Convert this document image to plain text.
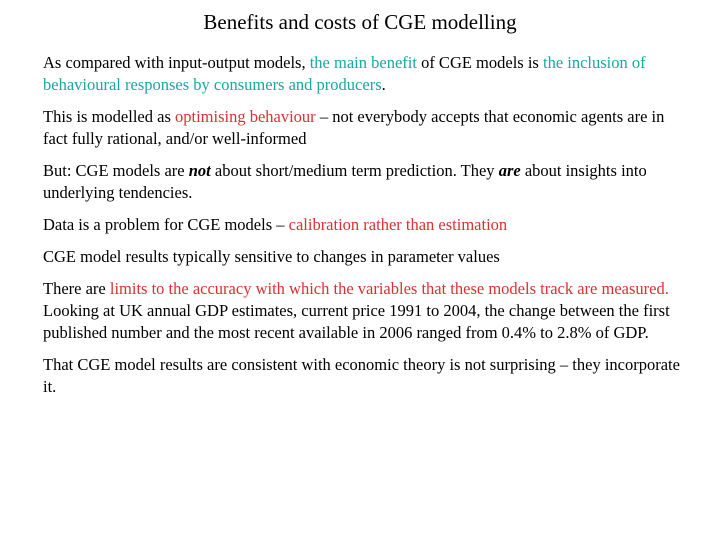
Benefits and costs of CGE modelling

As compared with input-output models, the main benefit of CGE models is the inclusion of behavioural responses by consumers and producers.

This is modelled as optimising behaviour – not everybody accepts that economic agents are in fact fully rational, and/or well-informed

But: CGE models are not about short/medium term prediction. They are about insights into underlying tendencies.

Data is a problem for CGE models – calibration rather than estimation

CGE model results typically sensitive to changes in parameter values

There are limits to the accuracy with which the variables that these models track are measured. Looking at UK annual GDP estimates, current price 1991 to 2004, the change between the first published number and the most recent available in 2006 ranged from 0.4% to 2.8% of GDP.

That CGE model results are consistent with economic theory is not surprising – they incorporate it.
